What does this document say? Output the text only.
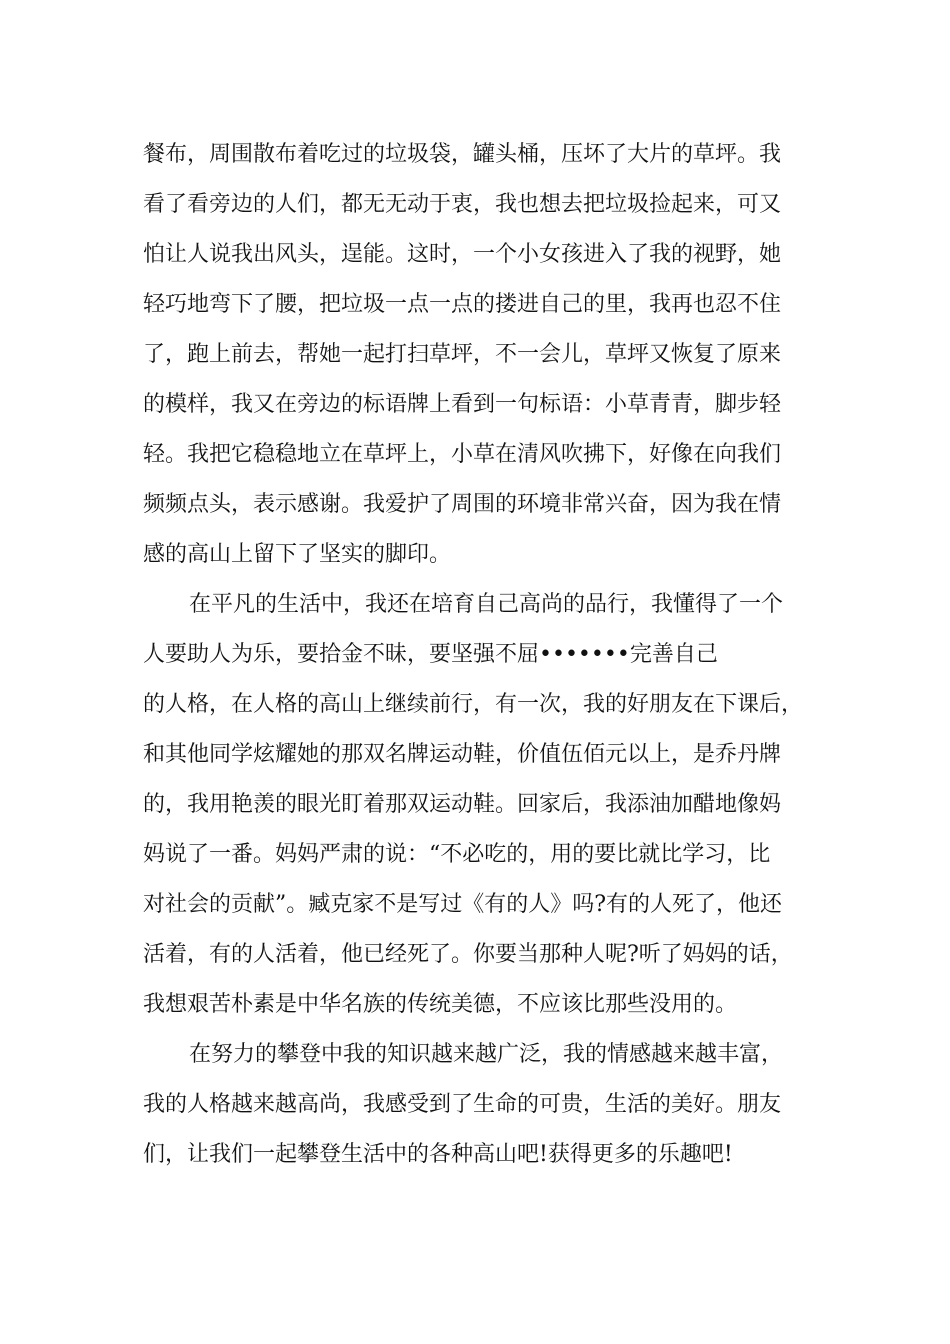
餐布，周围散布着吃过的垃圾袋，罐头桶，压坏了大片的草坪。我
看了看旁边的人们，都无无动于衷，我也想去把垃圾捡起来，可又
怕让人说我出风头，逞能。这时，一个小女孩进入了我的视野，她
轻巧地弯下了腰，把垃圾一点一点的搂进自己的里，我再也忍不住
了，跑上前去，帮她一起打扫草坪，不一会儿，草坪又恢复了原来
的模样，我又在旁边的标语牌上看到一句标语：小草青青，脚步轻
轻。我把它稳稳地立在草坪上，小草在清风吹拂下，好像在向我们
频频点头，表示感谢。我爱护了周围的环境非常兴奋，因为我在情
感的高山上留下了坚实的脚印。
在平凡的生活中，我还在培育自己高尚的品行，我懂得了一个
人要助人为乐，要拾金不昧，要坚强不屈•••••••完善自己
的人格，在人格的高山上继续前行，有一次，我的好朋友在下课后，
和其他同学炫耀她的那双名牌运动鞋，价值伍佰元以上，是乔丹牌
的，我用艳羡的眼光盯着那双运动鞋。回家后，我添油加醋地像妈
妈说了一番。妈妈严肃的说：“不必吃的，用的要比就比学习，比
对社会的贡献”。臧克家不是写过《有的人》吗?有的人死了，他还
活着，有的人活着，他已经死了。你要当那种人呢?听了妈妈的话，
我想艰苦朴素是中华名族的传统美德，不应该比那些没用的。
在努力的攀登中我的知识越来越广泛，我的情感越来越丰富，
我的人格越来越高尚，我感受到了生命的可贵，生活的美好。朋友
们，让我们一起攀登生活中的各种高山吧!获得更多的乐趣吧!
